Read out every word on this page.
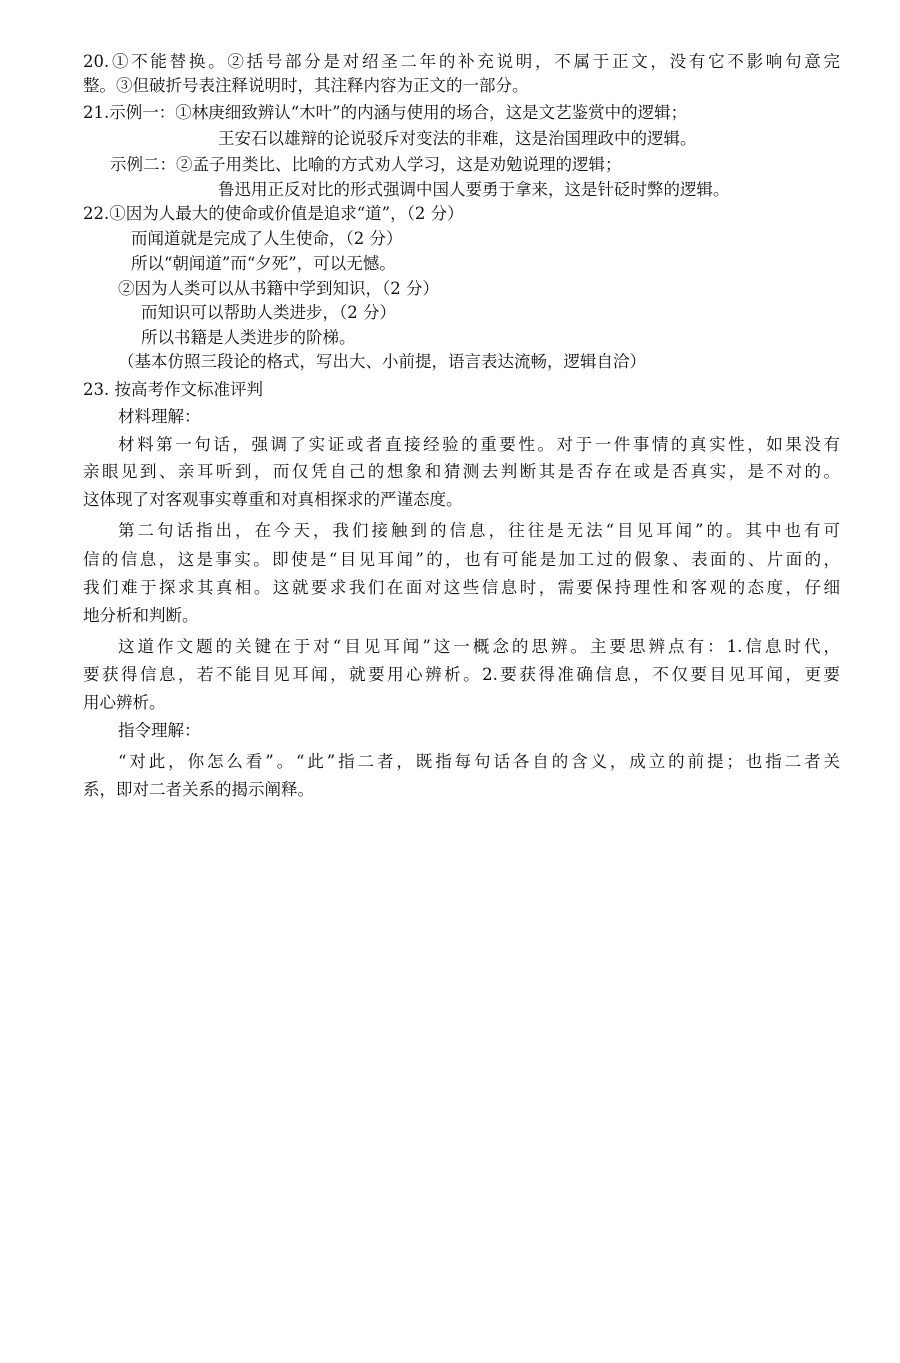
20.①不能替换。②括号部分是对绍圣二年的补充说明，不属于正文，没有它不影响句意完
整。③但破折号表注释说明时，其注释内容为正文的一部分。
21.示例一：①林庚细致辨认“木叶”的内涵与使用的场合，这是文艺鉴赏中的逻辑；
王安石以雄辩的论说驳斥对变法的非难，这是治国理政中的逻辑。
示例二：②孟子用类比、比喻的方式劝人学习，这是劝勉说理的逻辑；
鲁迅用正反对比的形式强调中国人要勇于拿来，这是针砭时弊的逻辑。
22.①因为人最大的使命或价值是追求“道”，（2 分）
而闻道就是完成了人生使命，（2 分）
所以“朝闻道”而“夕死”，可以无憾。
②因为人类可以从书籍中学到知识，（2 分）
而知识可以帮助人类进步，（2 分）
所以书籍是人类进步的阶梯。
（基本仿照三段论的格式，写出大、小前提，语言表达流畅，逻辑自洽）
23. 按高考作文标准评判
材料理解：
材料第一句话，强调了实证或者直接经验的重要性。对于一件事情的真实性，如果没有
亲眼见到、亲耳听到，而仅凭自己的想象和猜测去判断其是否存在或是否真实，是不对的。
这体现了对客观事实尊重和对真相探求的严谨态度。
第二句话指出，在今天，我们接触到的信息，往往是无法“目见耳闻”的。其中也有可
信的信息，这是事实。即使是“目见耳闻”的，也有可能是加工过的假象、表面的、片面的，
我们难于探求其真相。这就要求我们在面对这些信息时，需要保持理性和客观的态度，仔细
地分析和判断。
这道作文题的关键在于对“目见耳闻”这一概念的思辨。主要思辨点有：1.信息时代，
要获得信息，若不能目见耳闻，就要用心辨析。2.要获得准确信息，不仅要目见耳闻，更要
用心辨析。
指令理解：
“对此，你怎么看”。“此”指二者，既指每句话各自的含义，成立的前提；也指二者关
系，即对二者关系的揭示阐释。
